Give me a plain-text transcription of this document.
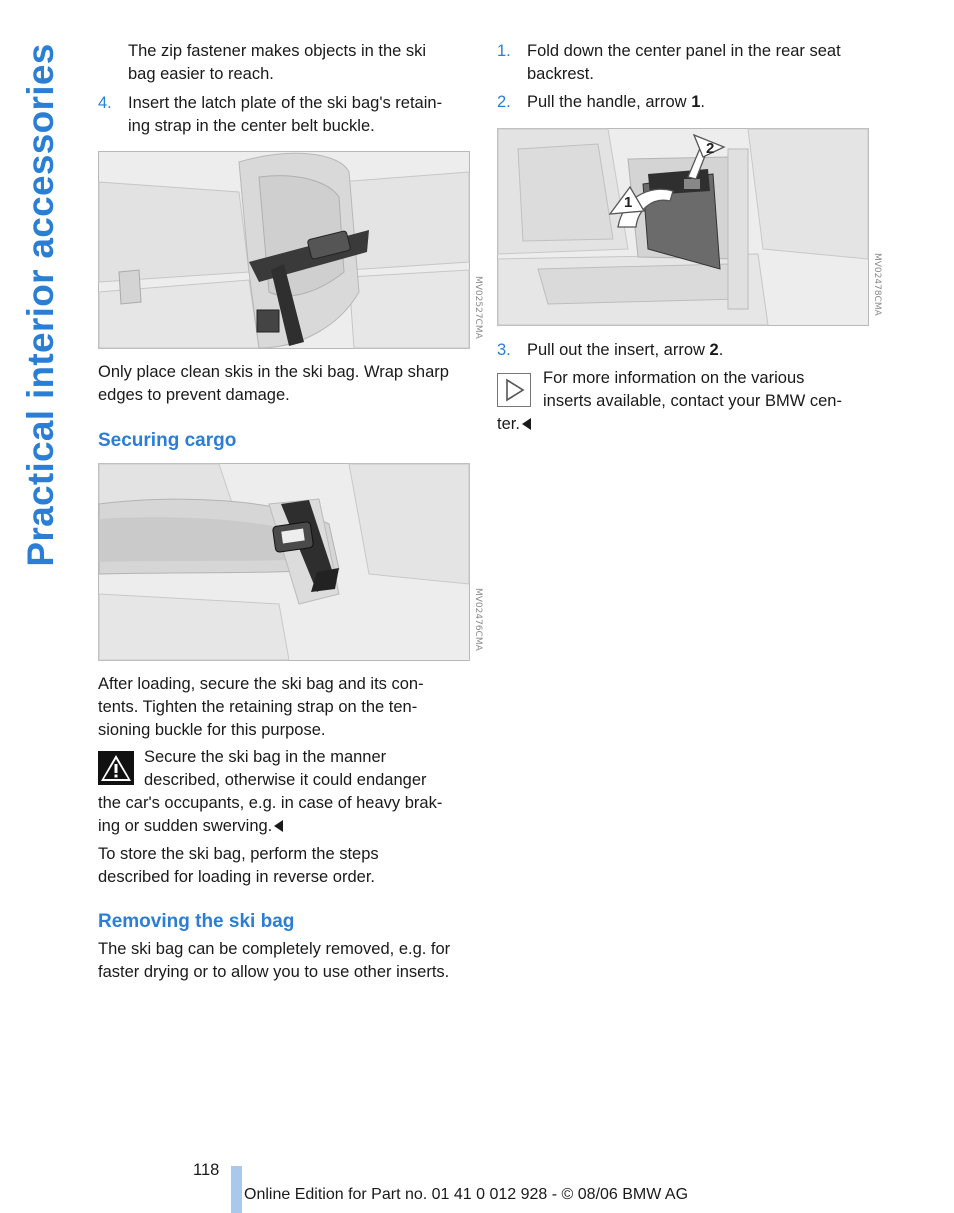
Practical interior accessories	The zip fastener makes objects in the ski
bag easier to reach.
4. Insert the latch plate of the ski bag's retain-
ing strap in the center belt buckle.
MV02527CMA
Only place clean skis in the ski bag. Wrap sharp
edges to prevent damage.
Securing cargo
MV02476CMA
After loading, secure the ski bag and its con-
tents. Tighten the retaining strap on the ten-
sioning buckle for this purpose.
Secure the ski bag in the manner
described, otherwise it could endanger
the car's occupants, e.g. in case of heavy brak-
ing or sudden swerving.
To store the ski bag, perform the steps
described for loading in reverse order.
Removing the ski bag
The ski bag can be completely removed, e.g. for
faster drying or to allow you to use other inserts.
1. Fold down the center panel in the rear seat
backrest.
2. Pull the handle, arrow 1.
1
2
MV02478CMA
3. Pull out the insert, arrow 2.
For more information on the various
inserts available, contact your BMW cen-
ter.
118
Online Edition for Part no. 01 41 0 012 928 - © 08/06 BMW AG
